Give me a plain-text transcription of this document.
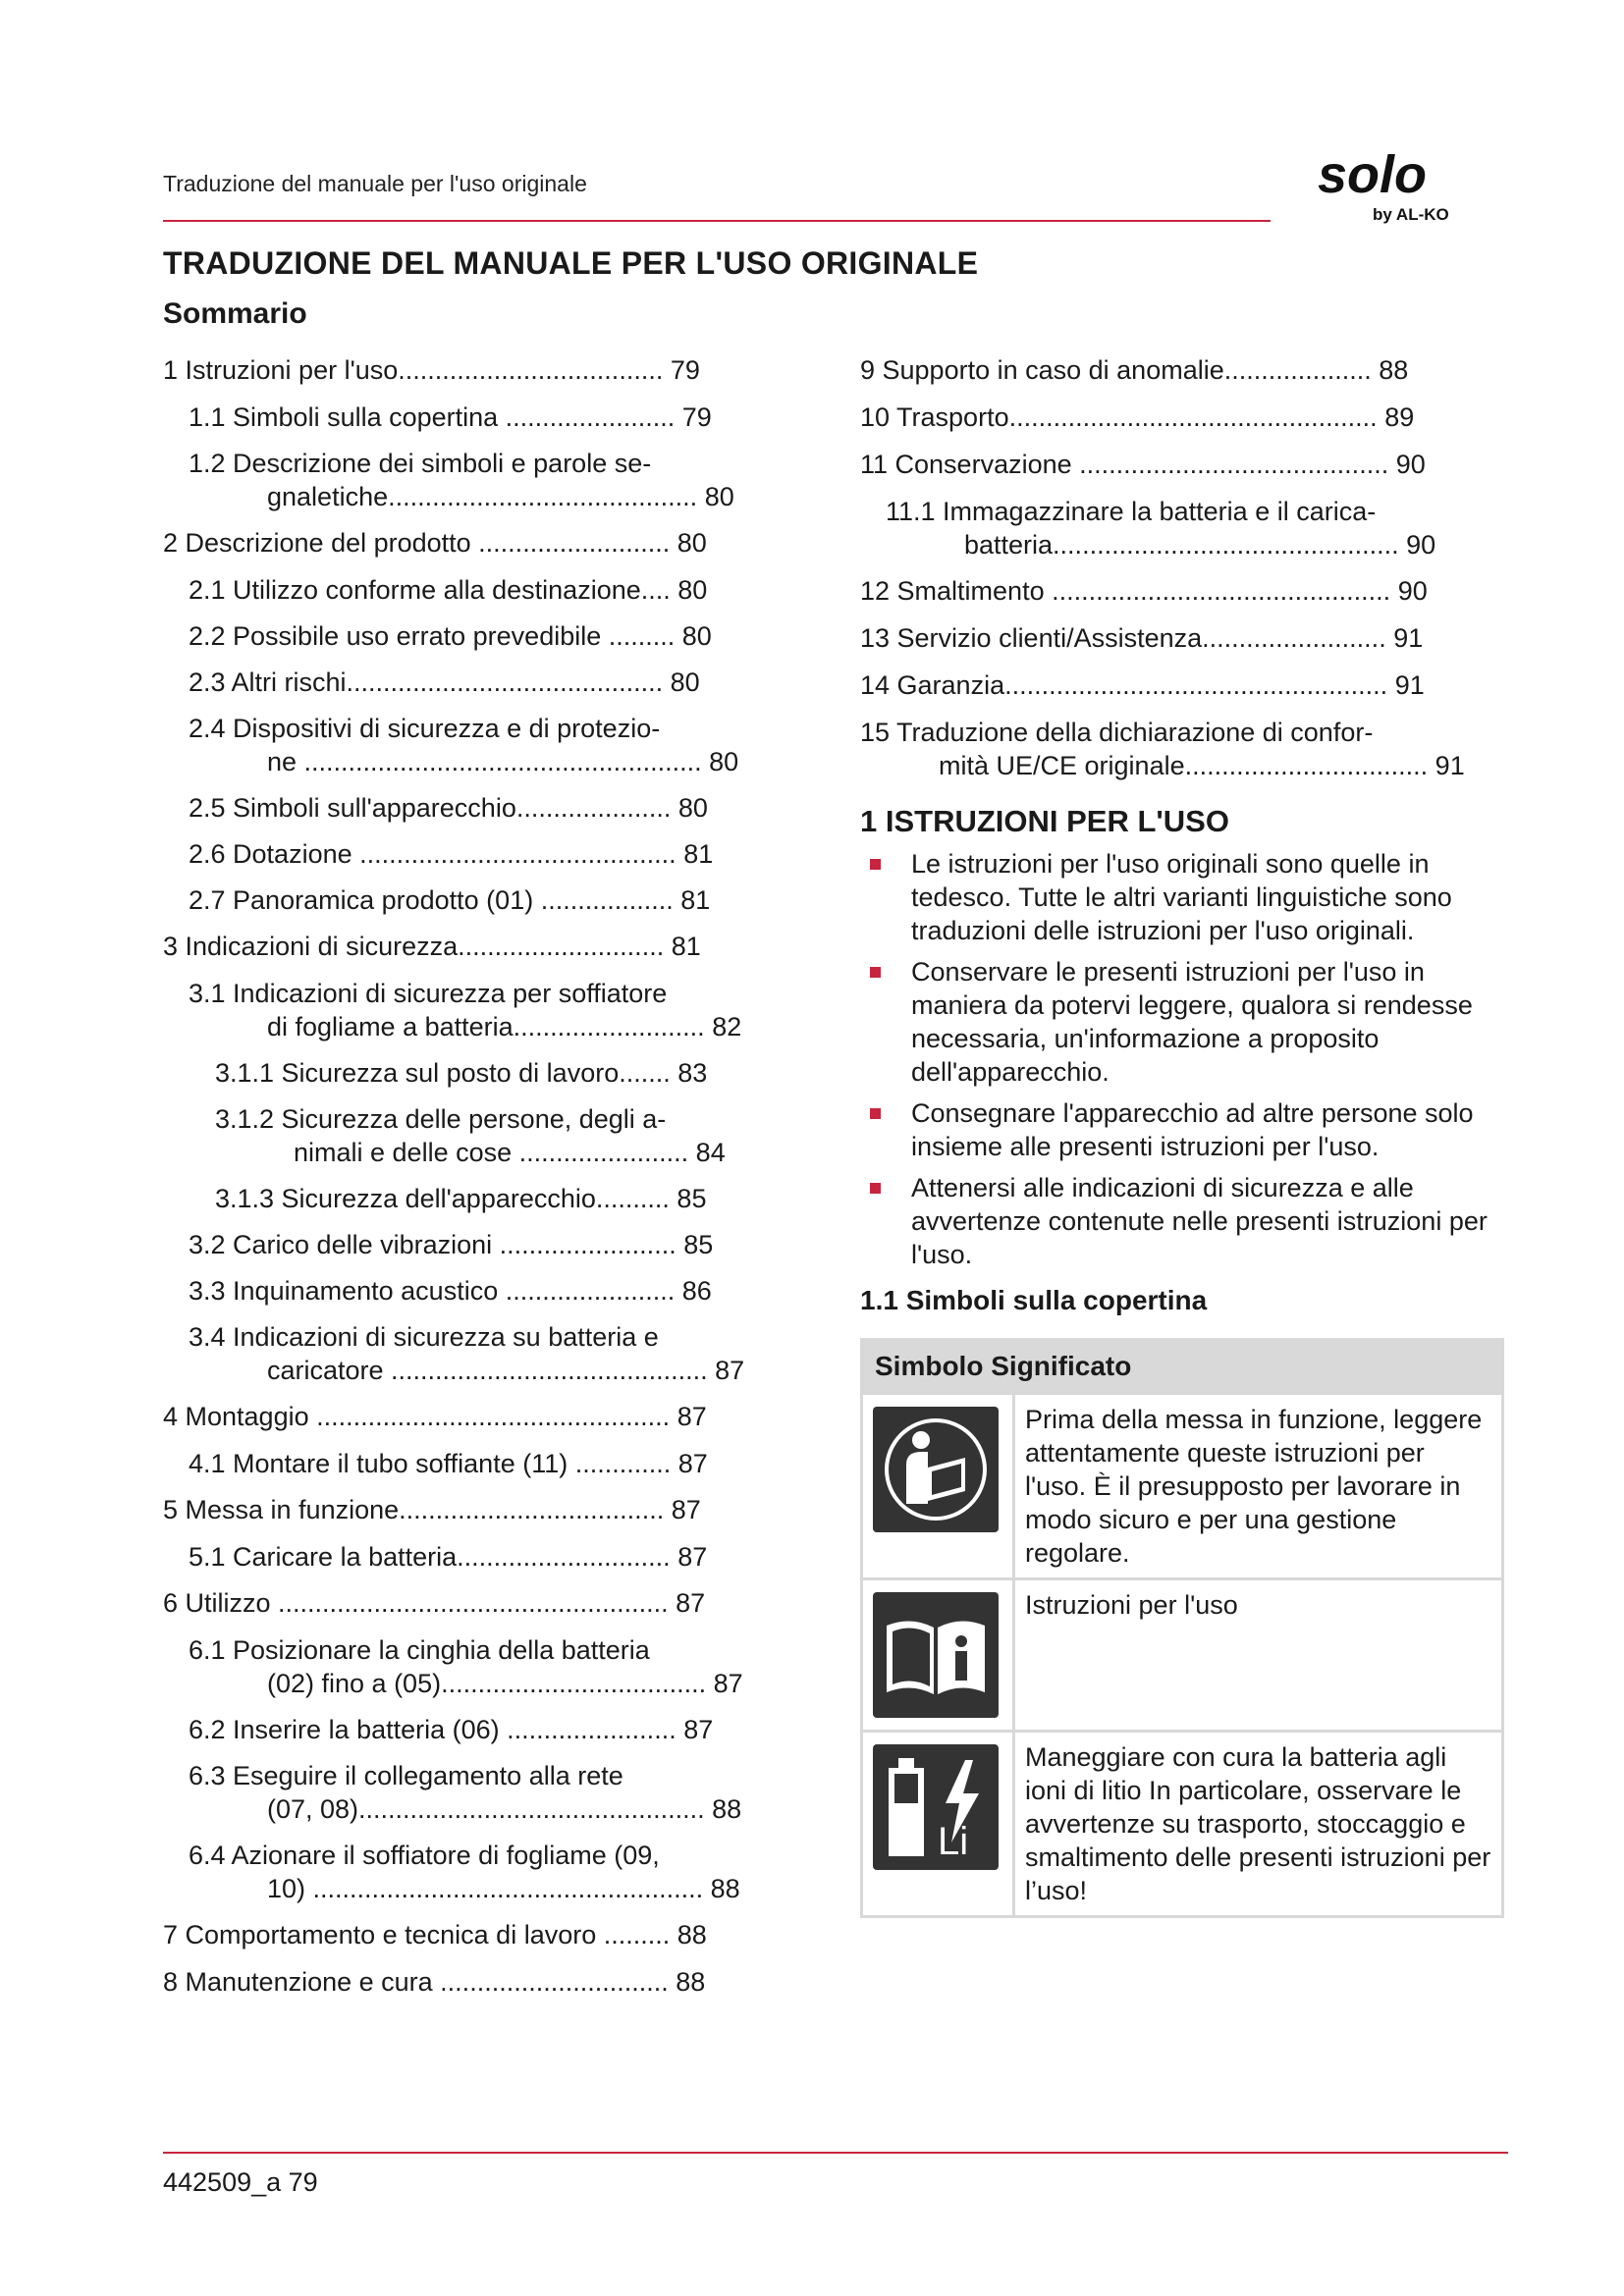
Traduzione del manuale per l'uso originale	solo
by AL-KO
TRADUZIONE DEL MANUALE PER L'USO ORIGINALE
Sommario
1 Istruzioni per l'uso.................................... 79
1.1 Simboli sulla copertina ....................... 79
1.2 Descrizione dei simboli e parole se-
gnaletiche.......................................... 80
2 Descrizione del prodotto .......................... 80
2.1 Utilizzo conforme alla destinazione.... 80
2.2 Possibile uso errato prevedibile ......... 80
2.3 Altri rischi........................................... 80
2.4 Dispositivi di sicurezza e di protezio-
ne ...................................................... 80
2.5 Simboli sull'apparecchio..................... 80
2.6 Dotazione ........................................... 81
2.7 Panoramica prodotto (01) .................. 81
3 Indicazioni di sicurezza............................ 81
3.1 Indicazioni di sicurezza per soffiatore
di fogliame a batteria.......................... 82
3.1.1 Sicurezza sul posto di lavoro....... 83
3.1.2 Sicurezza delle persone, degli a-
nimali e delle cose ....................... 84
3.1.3 Sicurezza dell'apparecchio.......... 85
3.2 Carico delle vibrazioni ........................ 85
3.3 Inquinamento acustico ....................... 86
3.4 Indicazioni di sicurezza su batteria e
caricatore ........................................... 87
4 Montaggio ................................................ 87
4.1 Montare il tubo soffiante (11) ............. 87
5 Messa in funzione.................................... 87
5.1 Caricare la batteria............................. 87
6 Utilizzo ..................................................... 87
6.1 Posizionare la cinghia della batteria
(02) fino a (05).................................... 87
6.2 Inserire la batteria (06) ....................... 87
6.3 Eseguire il collegamento alla rete
(07, 08)............................................... 88
6.4 Azionare il soffiatore di fogliame (09,
10) ..................................................... 88
7 Comportamento e tecnica di lavoro ......... 88
8 Manutenzione e cura ............................... 88
9 Supporto in caso di anomalie.................... 88
10 Trasporto.................................................. 89
11 Conservazione .......................................... 90
11.1 Immagazzinare la batteria e il carica-
batteria............................................... 90
12 Smaltimento .............................................. 90
13 Servizio clienti/Assistenza......................... 91
14 Garanzia.................................................... 91
15 Traduzione della dichiarazione di confor-
mità UE/CE originale................................. 91
1 ISTRUZIONI PER L'USO
Le istruzioni per l'uso originali sono quelle in tedesco. Tutte le altri varianti linguistiche sono traduzioni delle istruzioni per l'uso originali.
Conservare le presenti istruzioni per l'uso in maniera da potervi leggere, qualora si rendesse necessaria, un'informazione a proposito dell'apparecchio.
Consegnare l'apparecchio ad altre persone solo insieme alle presenti istruzioni per l'uso.
Attenersi alle indicazioni di sicurezza e alle avvertenze contenute nelle presenti istruzioni per l'uso.
1.1 Simboli sulla copertina
Simbolo Significato	

	Prima della messa in funzione, leggere attentamente queste istruzioni per l'uso. È il presupposto per lavorare in modo sicuro e per una gestione regolare.

	Istruzioni per l'uso

Li	Maneggiare con cura la batteria agli ioni di litio In particolare, osservare le avvertenze su trasporto, stoccaggio e smaltimento delle presenti istruzioni per l’uso!
442509_a 79
